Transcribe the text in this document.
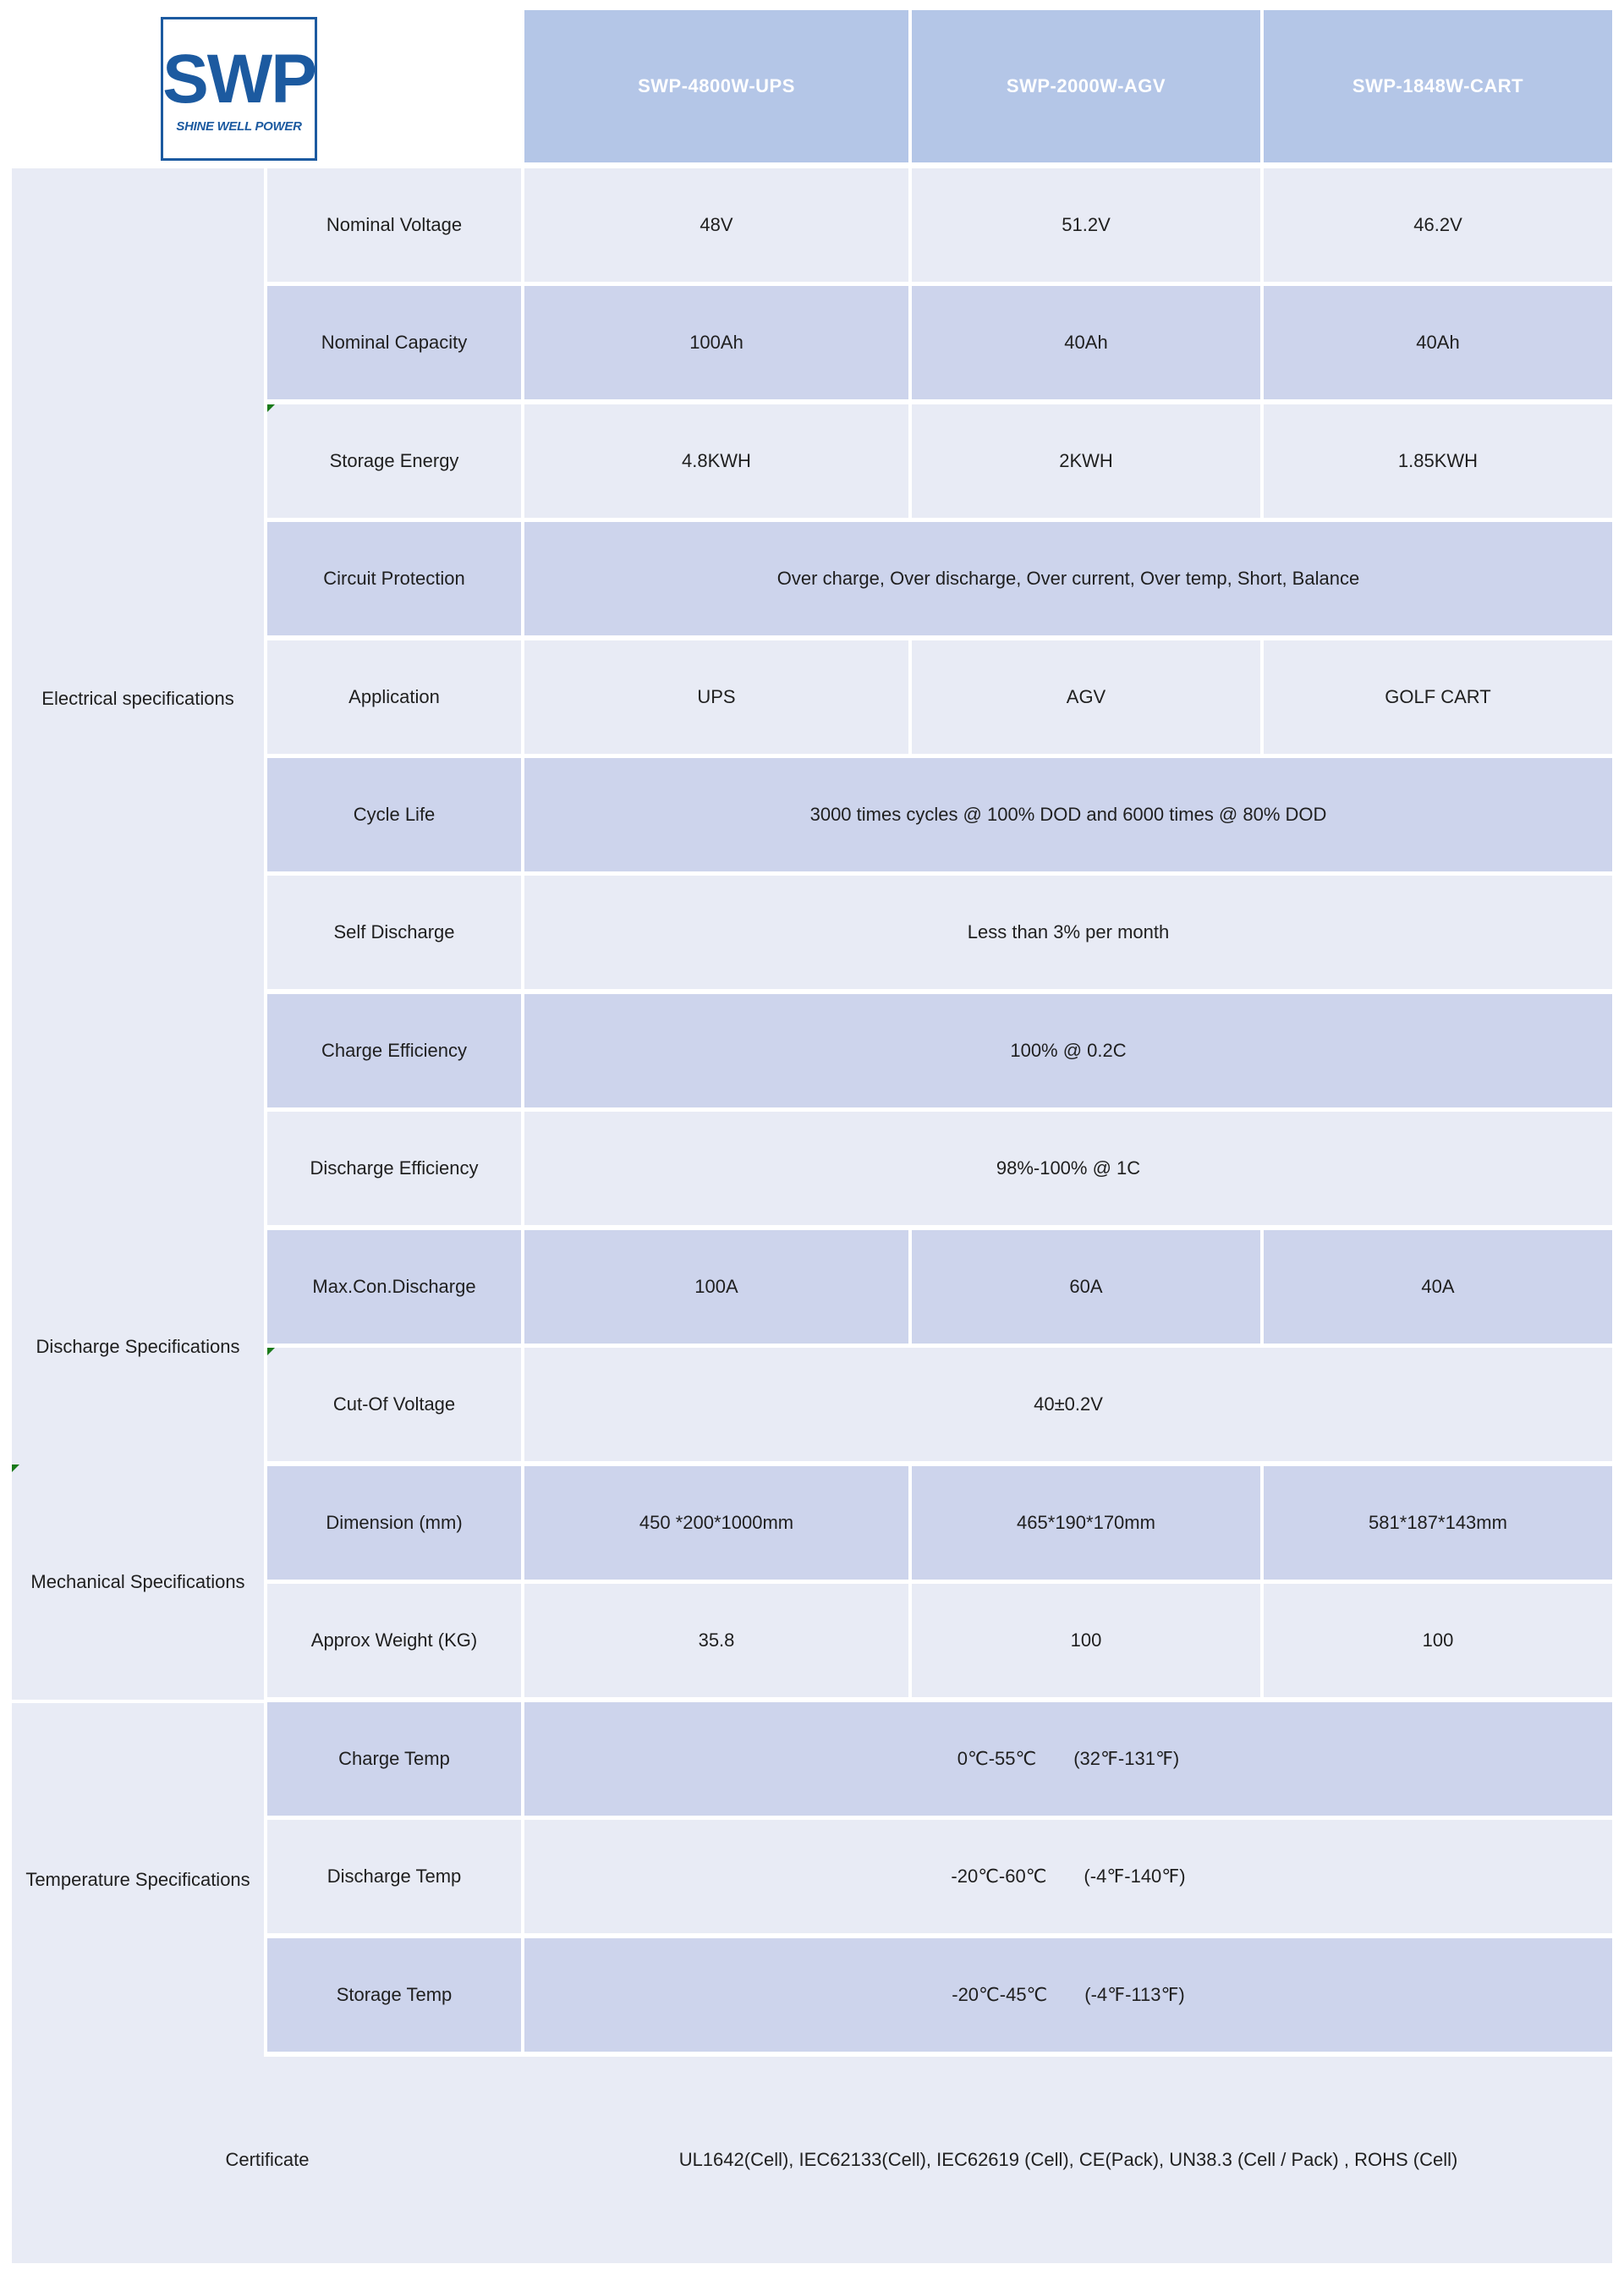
SWP
SHINE WELL POWER
SWP-4800W-UPS	SWP-2000W-AGV	SWP-1848W-CART
Electrical specifications
Discharge Specifications
Mechanical Specifications
Temperature Specifications
Nominal Voltage	48V	51.2V	46.2V
Nominal Capacity	100Ah	40Ah	40Ah
Storage Energy	4.8KWH	2KWH	1.85KWH
Circuit Protection	Over charge, Over discharge, Over current, Over temp, Short, Balance
Application	UPS	AGV	GOLF CART
Cycle Life	3000 times cycles @ 100% DOD and 6000 times @ 80% DOD
Self Discharge	Less than 3% per month
Charge Efficiency	100% @ 0.2C
Discharge Efficiency	98%-100% @ 1C
Max.Con.Discharge	100A	60A	40A
Cut-Of Voltage	40±0.2V
Dimension (mm)	450 *200*1000mm	465*190*170mm	581*187*143mm
Approx Weight (KG)	35.8	100	100
Charge Temp	0℃-55℃　　(32℉-131℉)
Discharge Temp	-20℃-60℃　　(-4℉-140℉)
Storage Temp	-20℃-45℃　　(-4℉-113℉)
Certificate	UL1642(Cell), IEC62133(Cell), IEC62619 (Cell), CE(Pack), UN38.3 (Cell / Pack) , ROHS (Cell)
